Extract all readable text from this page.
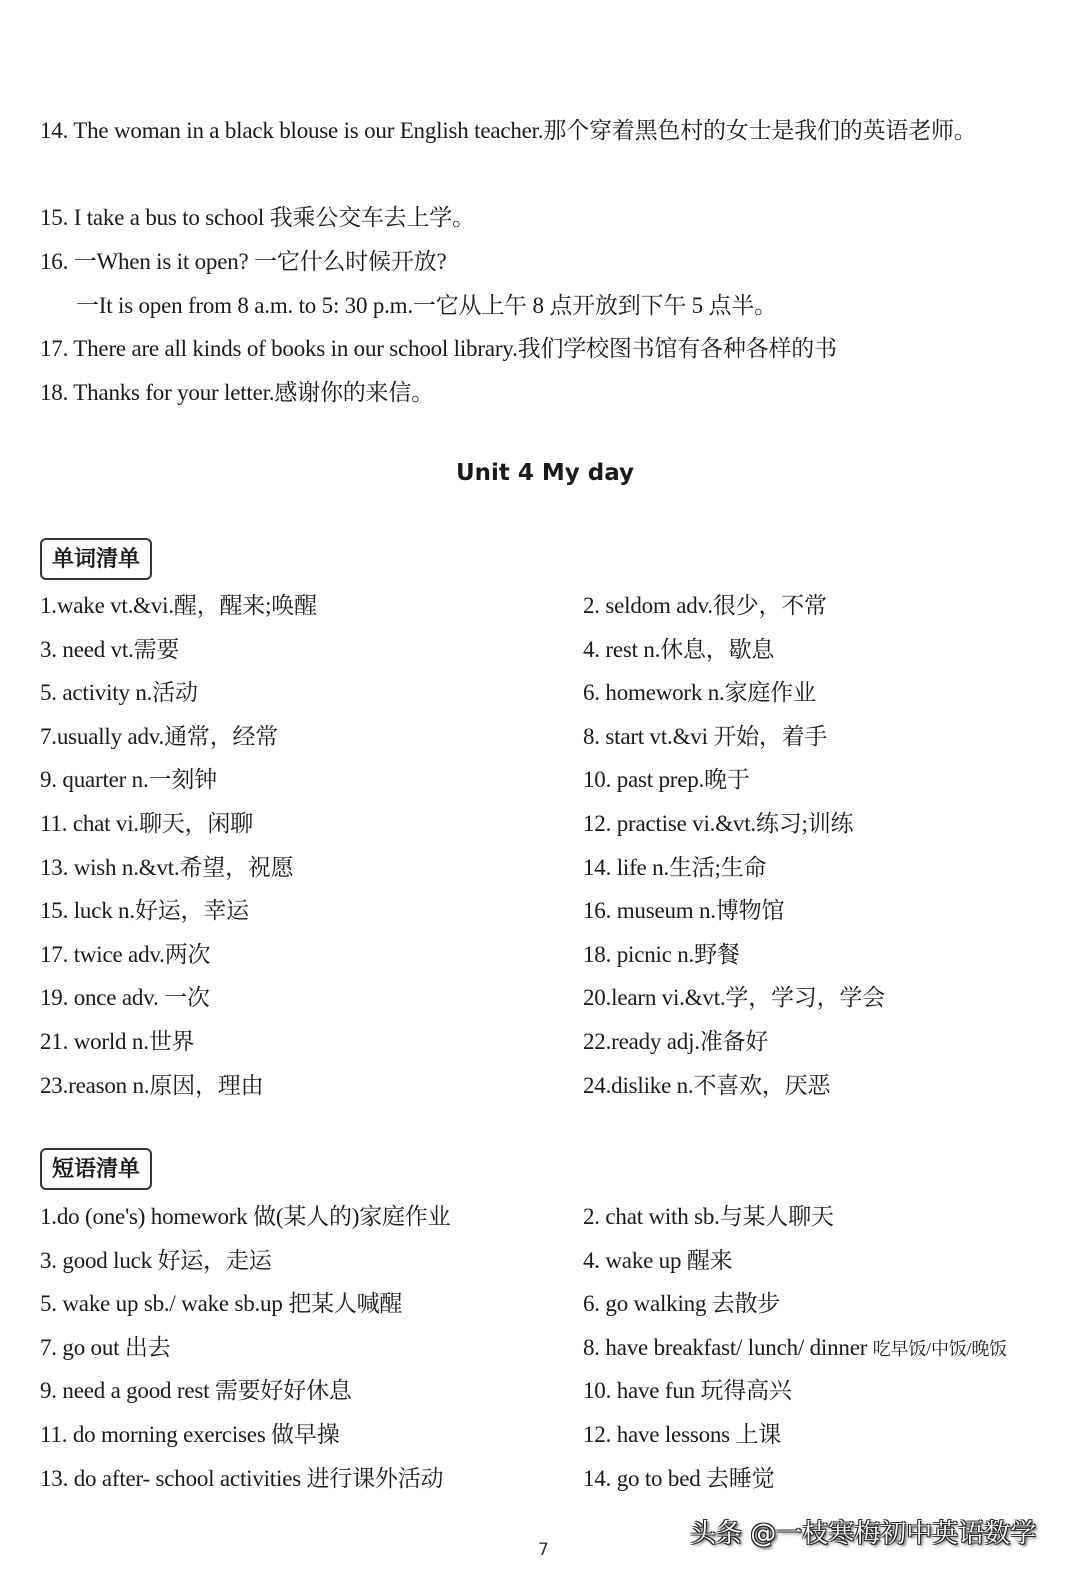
14. The woman in a black blouse is our English teacher.那个穿着黑色村的女士是我们的英语老师。
15. I take a bus to school 我乘公交车去上学。
16. 一When is it open? 一它什么时候开放?
一It is open from 8 a.m. to 5: 30 p.m.一它从上午 8 点开放到下午 5 点半。
17. There are all kinds of books in our school library.我们学校图书馆有各种各样的书
18. Thanks for your letter.感谢你的来信。
Unit 4 My day
单词清单
1.wake vt.&vi.醒，醒来;唤醒
3. need vt.需要
5. activity n.活动
7.usually adv.通常，经常
9. quarter n.一刻钟
11. chat vi.聊天，闲聊
13. wish n.&vt.希望，祝愿
15. luck n.好运，幸运
17. twice adv.两次
19. once adv. 一次
21. world n.世界
23.reason n.原因，理由
2. seldom adv.很少，不常
4. rest n.休息，歇息
6. homework n.家庭作业
8. start vt.&vi 开始，着手
10. past prep.晚于
12. practise vi.&vt.练习;训练
14. life n.生活;生命
16. museum n.博物馆
18. picnic n.野餐
20.learn vi.&vt.学，学习，学会
22.ready adj.准备好
24.dislike n.不喜欢，厌恶
短语清单
1.do (one's) homework 做(某人的)家庭作业
3. good luck 好运，走运
5. wake up sb./ wake sb.up 把某人喊醒
7. go out 出去
9. need a good rest 需要好好休息
11. do morning exercises 做早操
13. do after- school activities 进行课外活动
2. chat with sb.与某人聊天
4. wake up 醒来
6. go walking 去散步
8. have breakfast/ lunch/ dinner 吃早饭/中饭/晚饭
10. have fun 玩得高兴
12. have lessons 上课
14. go to bed 去睡觉
7
头条 @一枝寒梅初中英语数学
